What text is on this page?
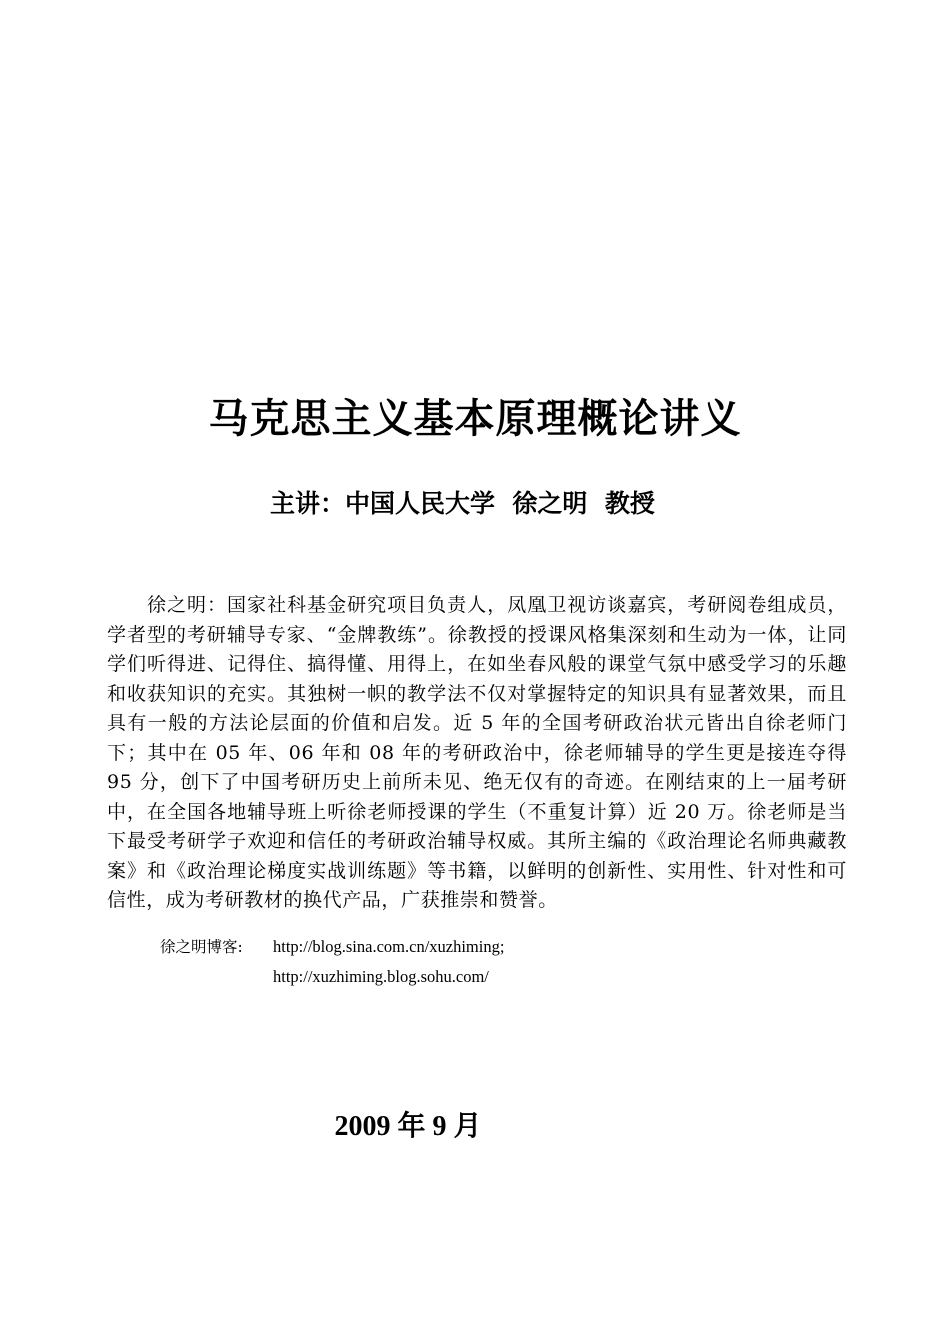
马克思主义基本原理概论讲义
主讲：中国人民大学  徐之明  教授

徐之明：国家社科基金研究项目负责人，凤凰卫视访谈嘉宾，考研阅卷组成员，学者型的考研辅导专家、“金牌教练”。徐教授的授课风格集深刻和生动为一体，让同学们听得进、记得住、搞得懂、用得上，在如坐春风般的课堂气氛中感受学习的乐趣和收获知识的充实。其独树一帜的教学法不仅对掌握特定的知识具有显著效果，而且具有一般的方法论层面的价值和启发。近 5 年的全国考研政治状元皆出自徐老师门下；其中在 05 年、06 年和 08 年的考研政治中，徐老师辅导的学生更是接连夺得 95 分，创下了中国考研历史上前所未见、绝无仅有的奇迹。在刚结束的上一届考研中，在全国各地辅导班上听徐老师授课的学生（不重复计算）近 20 万。徐老师是当下最受考研学子欢迎和信任的考研政治辅导权威。其所主编的《政治理论名师典藏教案》和《政治理论梯度实战训练题》等书籍，以鲜明的创新性、实用性、针对性和可信性，成为考研教材的换代产品，广获推崇和赞誉。

徐之明博客:	http://blog.sina.com.cn/xuzhiming;
http://xuzhiming.blog.sohu.com/
2009 年 9 月
